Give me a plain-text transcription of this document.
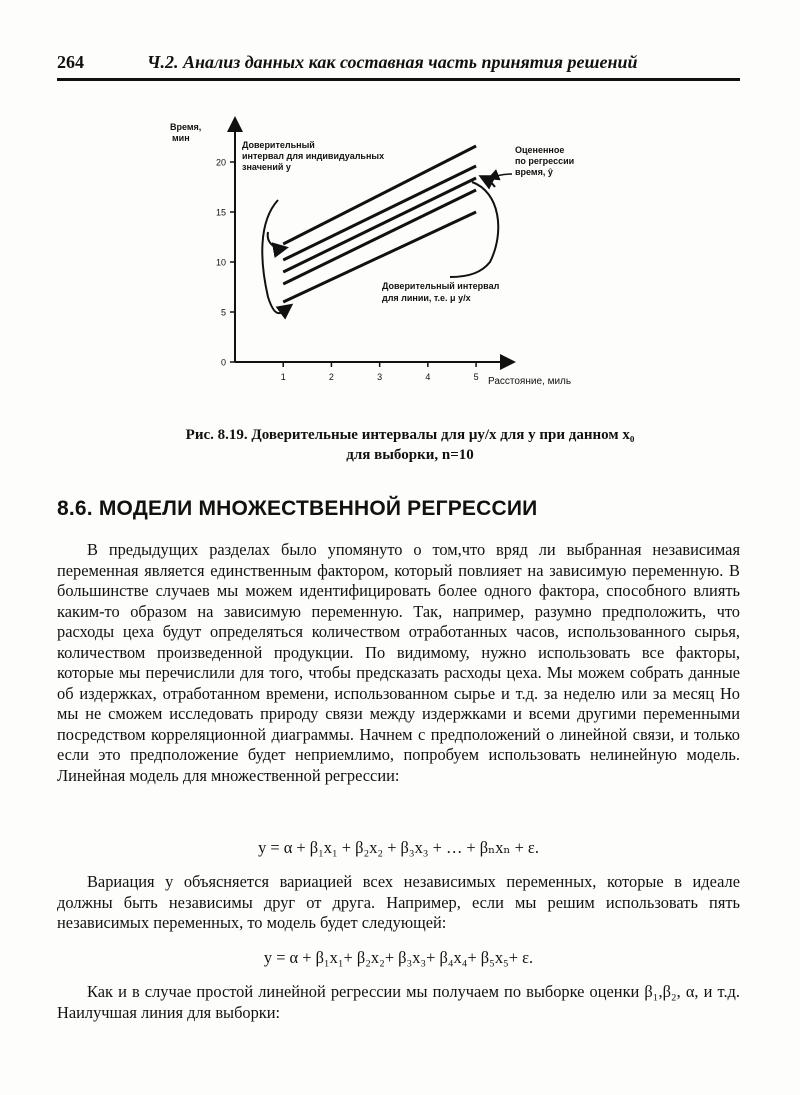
264	Ч.2. Анализ данных как составная часть принятия решений
Время,
мин
Расстояние, миль
0
5
10
15
20
1	2	3	4	5
Доверительный
интервал для индивидуальных
значений y
Оцененное
по регрессии
время, ŷ
Доверительный интервал
для линии, т.е. μ y/x
Рис. 8.19. Доверительные интервалы для μy/x для y при данном x₀
для выборки, n=10
8.6. МОДЕЛИ МНОЖЕСТВЕННОЙ РЕГРЕССИИ

В предыдущих разделах было упомянуто о том,что вряд ли выбранная независимая переменная является единственным фактором, который повлияет на зависимую переменную. В большинстве случаев мы можем идентифицировать более одного фактора, способного влиять каким-то образом на зависимую переменную. Так, например, разумно предположить, что расходы цеха будут определяться количеством отработанных часов, использованного сырья, количеством произведенной продукции. По видимому, нужно использовать все факторы, которые мы перечислили для того, чтобы предсказать расходы цеха. Мы можем собрать данные об издержках, отработанном времени, использованном сырье и т.д. за неделю или за месяц Но мы не сможем исследовать природу связи между издержками и всеми другими переменными посредством корреляционной диаграммы. Начнем с предположений о линейной связи, и только если это предположение будет неприемлимо, попробуем использовать нелинейную модель. Линейная модель для множественной регрессии:

y = α + β₁x₁ + β₂x₂ + β₃x₃ + … + βₙxₙ + ε.

Вариация y объясняется вариацией всех независимых переменных, которые в идеале должны быть независимы друг от друга. Например, если мы решим использовать пять независимых переменных, то модель будет следующей:

y = α + β₁x₁+ β₂x₂+ β₃x₃+ β₄x₄+ β₅x₅+ ε.

Как и в случае простой линейной регрессии мы получаем по выборке оценки β₁,β₂, α, и т.д. Наилучшая линия для выборки:
